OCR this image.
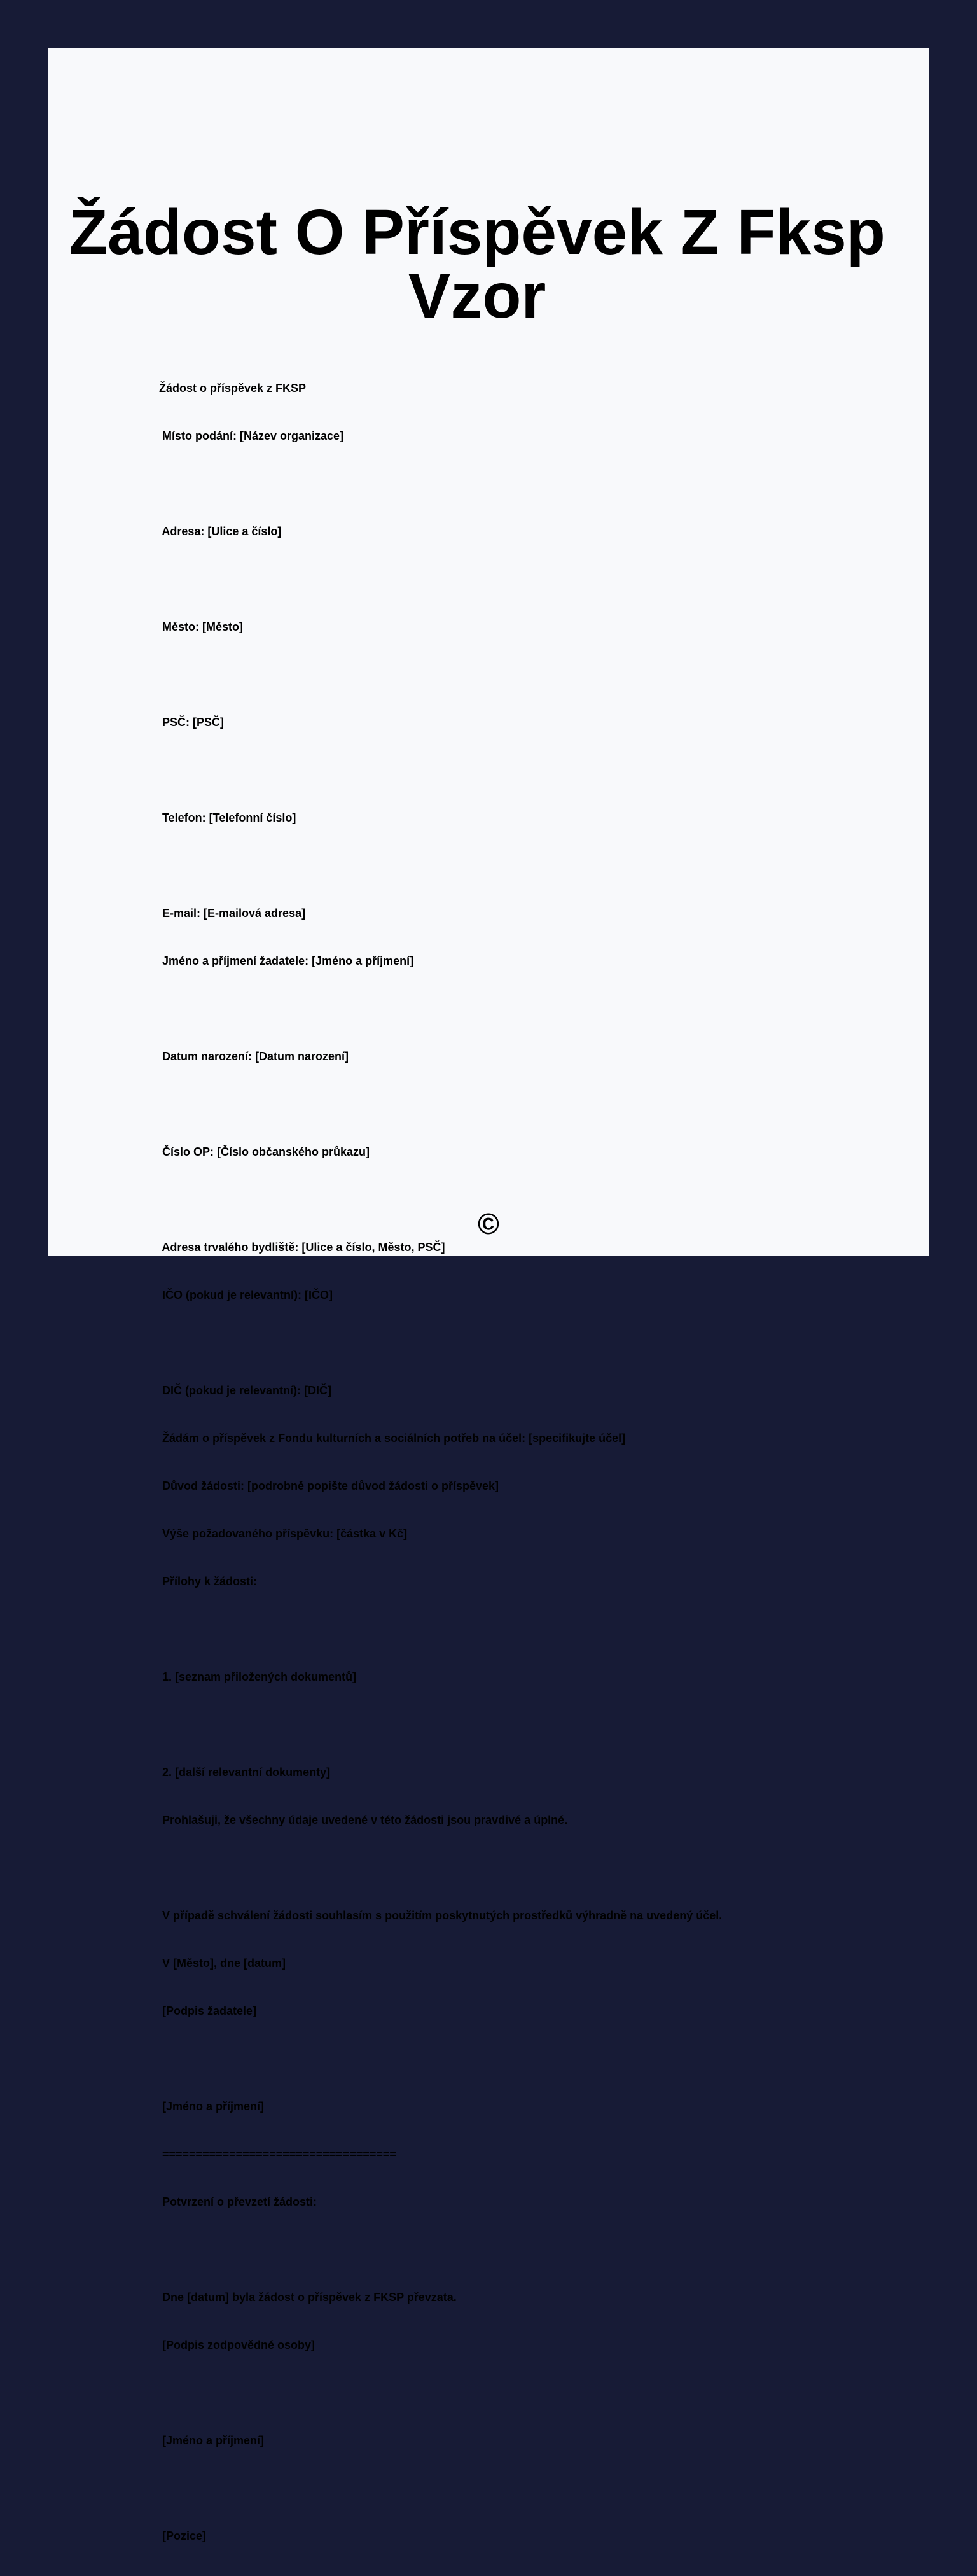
Žádost O Příspěvek Z Fksp Vzor

Žádost o příspěvek z FKSP

Místo podání: [Název organizace]

Adresa: [Ulice a číslo]

Město: [Město]

PSČ: [PSČ]

Telefon: [Telefonní číslo]

E-mail: [E-mailová adresa]

Jméno a příjmení žadatele: [Jméno a příjmení]

Datum narození: [Datum narození]

Číslo OP: [Číslo občanského průkazu]

Adresa trvalého bydliště: [Ulice a číslo, Město, PSČ]

IČO (pokud je relevantní): [IČO]

DIČ (pokud je relevantní): [DIČ]

Žádám o příspěvek z Fondu kulturních a sociálních potřeb na účel: [specifikujte účel]

Důvod žádosti: [podrobně popište důvod žádosti o příspěvek]

Výše požadovaného příspěvku: [částka v Kč]

Přílohy k žádosti:

1. [seznam přiložených dokumentů]

2. [další relevantní dokumenty]

Prohlašuji, že všechny údaje uvedené v této žádosti jsou pravdivé a úplné.

V případě schválení žádosti souhlasím s použitím poskytnutých prostředků výhradně na uvedený účel.

V [Město], dne [datum]

[Podpis žadatele]

[Jméno a příjmení]

===================================

Potvrzení o převzetí žádosti:

Dne [datum] byla žádost o příspěvek z FKSP převzata.

[Podpis zodpovědné osoby]

[Jméno a příjmení]

[Pozice]

©
